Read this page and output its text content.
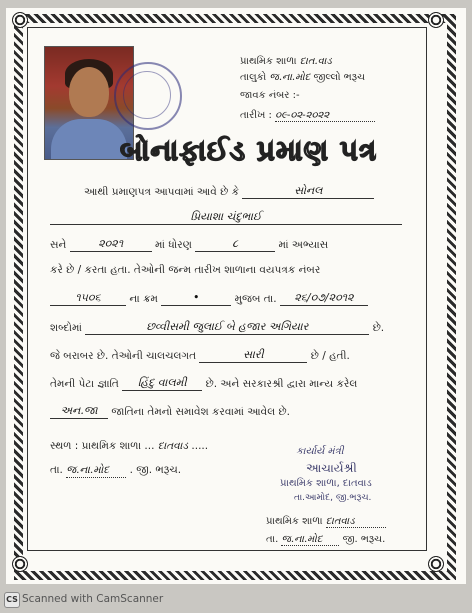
પ્રાથમિક શાળા દાત.વાડ
તાલુકો જ.ના.મોદ જીલ્લો ભરૂચ
જાવક નંબર :-
તારીખ : ૦૯-૦૨-૨૦૨૨
બોનાફાઈડ પ્રમાણ પત્ર
આથી પ્રમાણપત્ર આપવામાં આવે છે કે	સોનલ
પ્રિયાશા ચંદુભાઈ
સને	૨૦૨૧	માં ધોરણ	૮	માં અભ્યાસ
કરે છે / કરતા હતા. તેઓની જન્મ તારીખ શાળાના વયપત્રક નંબર
૧૫૦૬	ના ક્રમ	•	મુજબ તા. ૨૬/૦૭/૨૦૧૨
શબ્દોમાં	છવ્વીસમી જુલાઈ બે હજાર અગિયાર	છે.
જે બરાબર છે. તેઓની ચાલચલગત	સારી	છે / હતી.
તેમની પેટા જ્ઞાતિ હિંદુ વાલમી છે. અને સરકારશ્રી દ્વારા માન્ય કરેલ
અન.જા જાતિના તેમનો સમાવેશ કરવામાં આવેલ છે.
સ્થળ : પ્રાથમિક શાળા ... દાતવાડ .....
તા. જ.ના.મોદ . જી. ભરૂચ.
કાર્યાર્ય મંત્રી
આચાર્યશ્રી
પ્રાથમિક શાળા, દાતવાડ
તા.આમોદ, જી.ભરૂચ.
પ્રાથમિક શાળા દાતવાડ
તા. જ.ના.મોદ જી. ભરૂચ.
CS Scanned with CamScanner
